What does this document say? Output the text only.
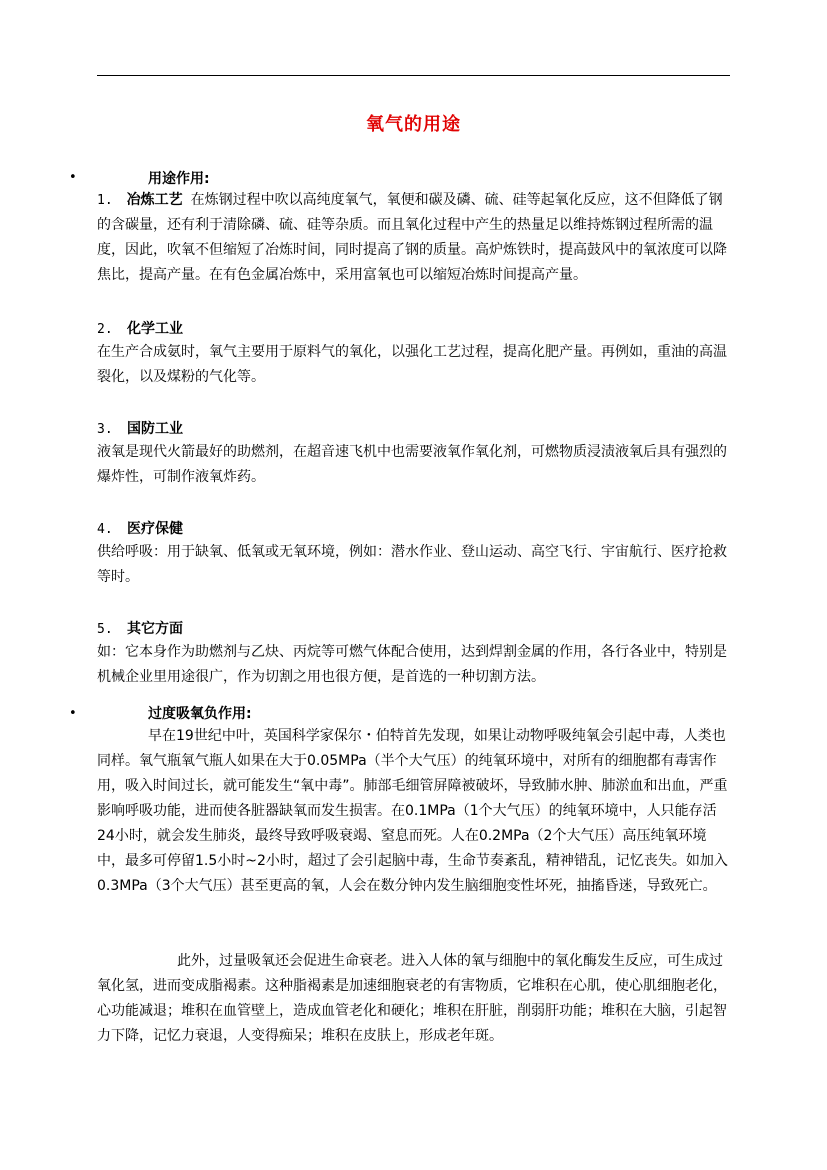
氧气的用途
•	用途作用:
1. 冶炼工艺 在炼钢过程中吹以高纯度氧气，氧便和碳及磷、硫、硅等起氧化反应，这不但降低了钢的含碳量，还有利于清除磷、硫、硅等杂质。而且氧化过程中产生的热量足以维持炼钢过程所需的温度，因此，吹氧不但缩短了冶炼时间，同时提高了钢的质量。高炉炼铁时，提高鼓风中的氧浓度可以降焦比，提高产量。在有色金属冶炼中，采用富氧也可以缩短冶炼时间提高产量。
2. 化学工业
在生产合成氨时，氧气主要用于原料气的氧化，以强化工艺过程，提高化肥产量。再例如，重油的高温裂化，以及煤粉的气化等。
3. 国防工业
液氧是现代火箭最好的助燃剂，在超音速飞机中也需要液氧作氧化剂，可燃物质浸渍液氧后具有强烈的爆炸性，可制作液氧炸药。
4. 医疗保健
供给呼吸：用于缺氧、低氧或无氧环境，例如：潜水作业、登山运动、高空飞行、宇宙航行、医疗抢救等时。
5. 其它方面
如：它本身作为助燃剂与乙炔、丙烷等可燃气体配合使用，达到焊割金属的作用，各行各业中，特别是机械企业里用途很广，作为切割之用也很方便，是首选的一种切割方法。
•	过度吸氧负作用:
早在19世纪中叶，英国科学家保尔・伯特首先发现，如果让动物呼吸纯氧会引起中毒，人类也同样。氧气瓶氧气瓶人如果在大于0.05MPa（半个大气压）的纯氧环境中，对所有的细胞都有毒害作用，吸入时间过长，就可能发生“氧中毒”。肺部毛细管屏障被破坏，导致肺水肿、肺淤血和出血，严重影响呼吸功能，进而使各脏器缺氧而发生损害。在0.1MPa（1个大气压）的纯氧环境中，人只能存活24小时，就会发生肺炎，最终导致呼吸衰竭、窒息而死。人在0.2MPa（2个大气压）高压纯氧环境中，最多可停留1.5小时~2小时，超过了会引起脑中毒，生命节奏紊乱，精神错乱，记忆丧失。如加入0.3MPa（3个大气压）甚至更高的氧，人会在数分钟内发生脑细胞变性坏死，抽搐昏迷，导致死亡。
此外，过量吸氧还会促进生命衰老。进入人体的氧与细胞中的氧化酶发生反应，可生成过氧化氢，进而变成脂褐素。这种脂褐素是加速细胞衰老的有害物质，它堆积在心肌，使心肌细胞老化，心功能减退；堆积在血管壁上，造成血管老化和硬化；堆积在肝脏，削弱肝功能；堆积在大脑，引起智力下降，记忆力衰退，人变得痴呆；堆积在皮肤上，形成老年斑。
